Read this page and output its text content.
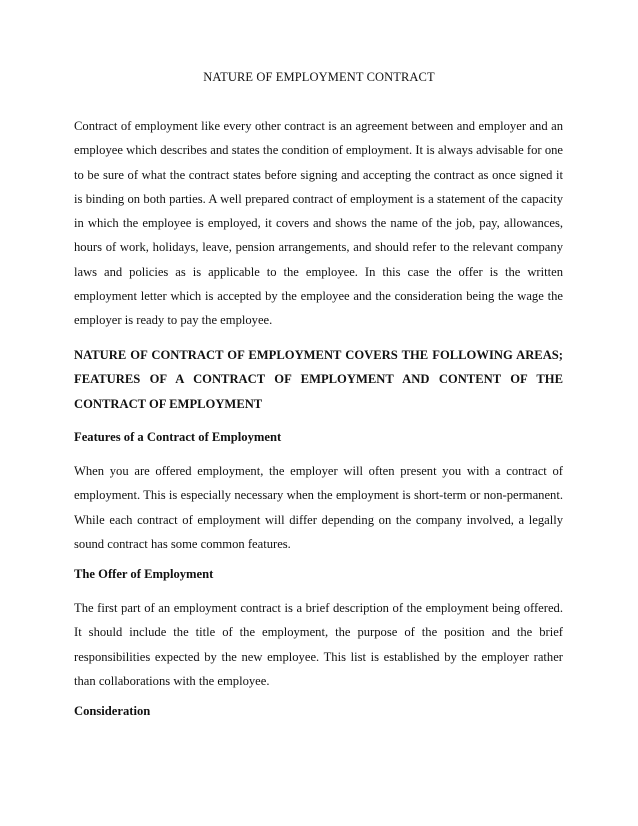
NATURE OF EMPLOYMENT CONTRACT

Contract of employment like every other contract is an agreement between and employer and an employee which describes and states the condition of employment. It is always advisable for one to be sure of what the contract states before signing and accepting the contract as once signed it is binding on both parties. A well prepared contract of employment is a statement of the capacity in which the employee is employed, it covers and shows the name of the job, pay, allowances, hours of work, holidays, leave, pension arrangements, and should refer to the relevant company laws and policies as is applicable to the employee. In this case the offer is the written employment letter which is accepted by the employee and the consideration being the wage the employer is ready to pay the employee.

NATURE OF CONTRACT OF EMPLOYMENT COVERS THE FOLLOWING AREAS; FEATURES OF A CONTRACT OF EMPLOYMENT AND CONTENT OF THE CONTRACT OF EMPLOYMENT

Features of a Contract of Employment

When you are offered employment, the employer will often present you with a contract of employment. This is especially necessary when the employment is short-term or non-permanent. While each contract of employment will differ depending on the company involved, a legally sound contract has some common features.

The Offer of Employment

The first part of an employment contract is a brief description of the employment being offered. It should include the title of the employment, the purpose of the position and the brief responsibilities expected by the new employee. This list is established by the employer rather than collaborations with the employee.

Consideration
